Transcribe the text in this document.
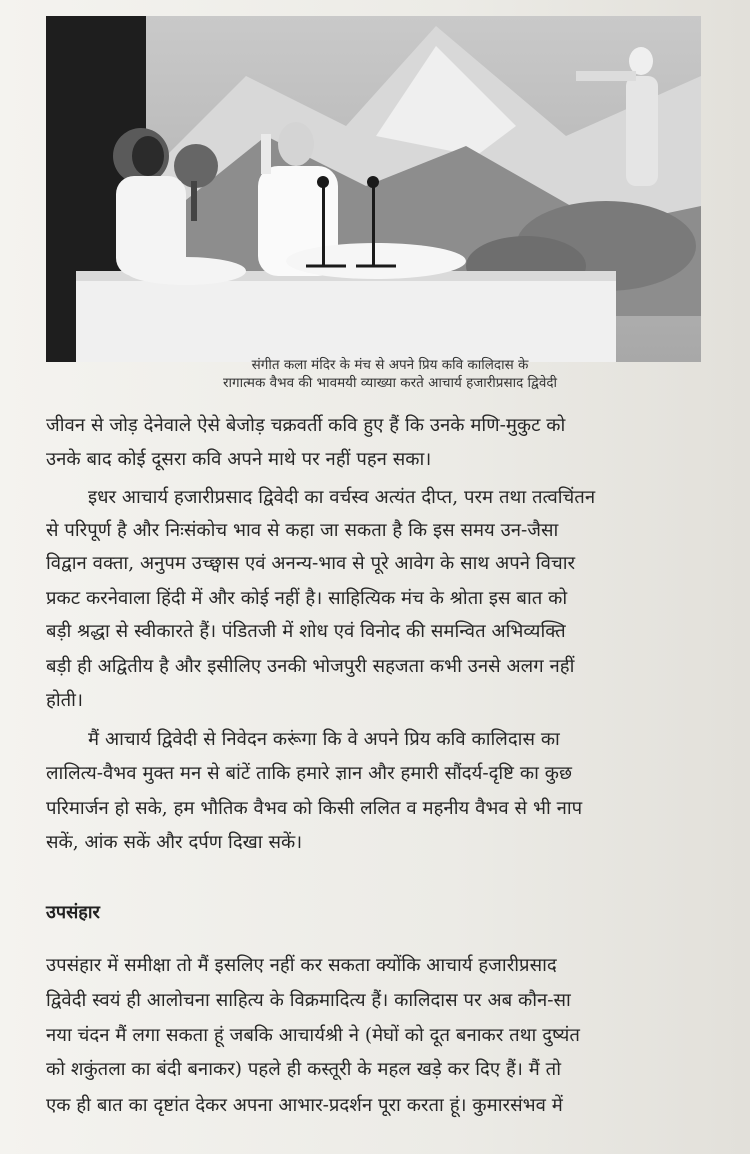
संगीत कला मंदिर के मंच से अपने प्रिय कवि कालिदास के
रागात्मक वैभव की भावमयी व्याख्या करते आचार्य हजारीप्रसाद द्विवेदी
जीवन से जोड़ देनेवाले ऐसे बेजोड़ चक्रवर्ती कवि हुए हैं कि उनके मणि-मुकुट को
उनके बाद कोई दूसरा कवि अपने माथे पर नहीं पहन सका।
इधर आचार्य हजारीप्रसाद द्विवेदी का वर्चस्व अत्यंत दीप्त, परम तथा तत्वचिंतन
से परिपूर्ण है और निःसंकोच भाव से कहा जा सकता है कि इस समय उन-जैसा
विद्वान वक्ता, अनुपम उच्छ्वास एवं अनन्य-भाव से पूरे आवेग के साथ अपने विचार
प्रकट करनेवाला हिंदी में और कोई नहीं है। साहित्यिक मंच के श्रोता इस बात को
बड़ी श्रद्धा से स्वीकारते हैं। पंडितजी में शोध एवं विनोद की समन्वित अभिव्यक्ति
बड़ी ही अद्वितीय है और इसीलिए उनकी भोजपुरी सहजता कभी उनसे अलग नहीं
होती।
मैं आचार्य द्विवेदी से निवेदन करूंगा कि वे अपने प्रिय कवि कालिदास का
लालित्य-वैभव मुक्त मन से बांटें ताकि हमारे ज्ञान और हमारी सौंदर्य-दृष्टि का कुछ
परिमार्जन हो सके, हम भौतिक वैभव को किसी ललित व महनीय वैभव से भी नाप
सकें, आंक सकें और दर्पण दिखा सकें।
उपसंहार
उपसंहार में समीक्षा तो मैं इसलिए नहीं कर सकता क्योंकि आचार्य हजारीप्रसाद
द्विवेदी स्वयं ही आलोचना साहित्य के विक्रमादित्य हैं। कालिदास पर अब कौन-सा
नया चंदन मैं लगा सकता हूं जबकि आचार्यश्री ने (मेघों को दूत बनाकर तथा दुष्यंत
को शकुंतला का बंदी बनाकर) पहले ही कस्तूरी के महल खड़े कर दिए हैं। मैं तो
एक ही बात का दृष्टांत देकर अपना आभार-प्रदर्शन पूरा करता हूं। कुमारसंभव में
